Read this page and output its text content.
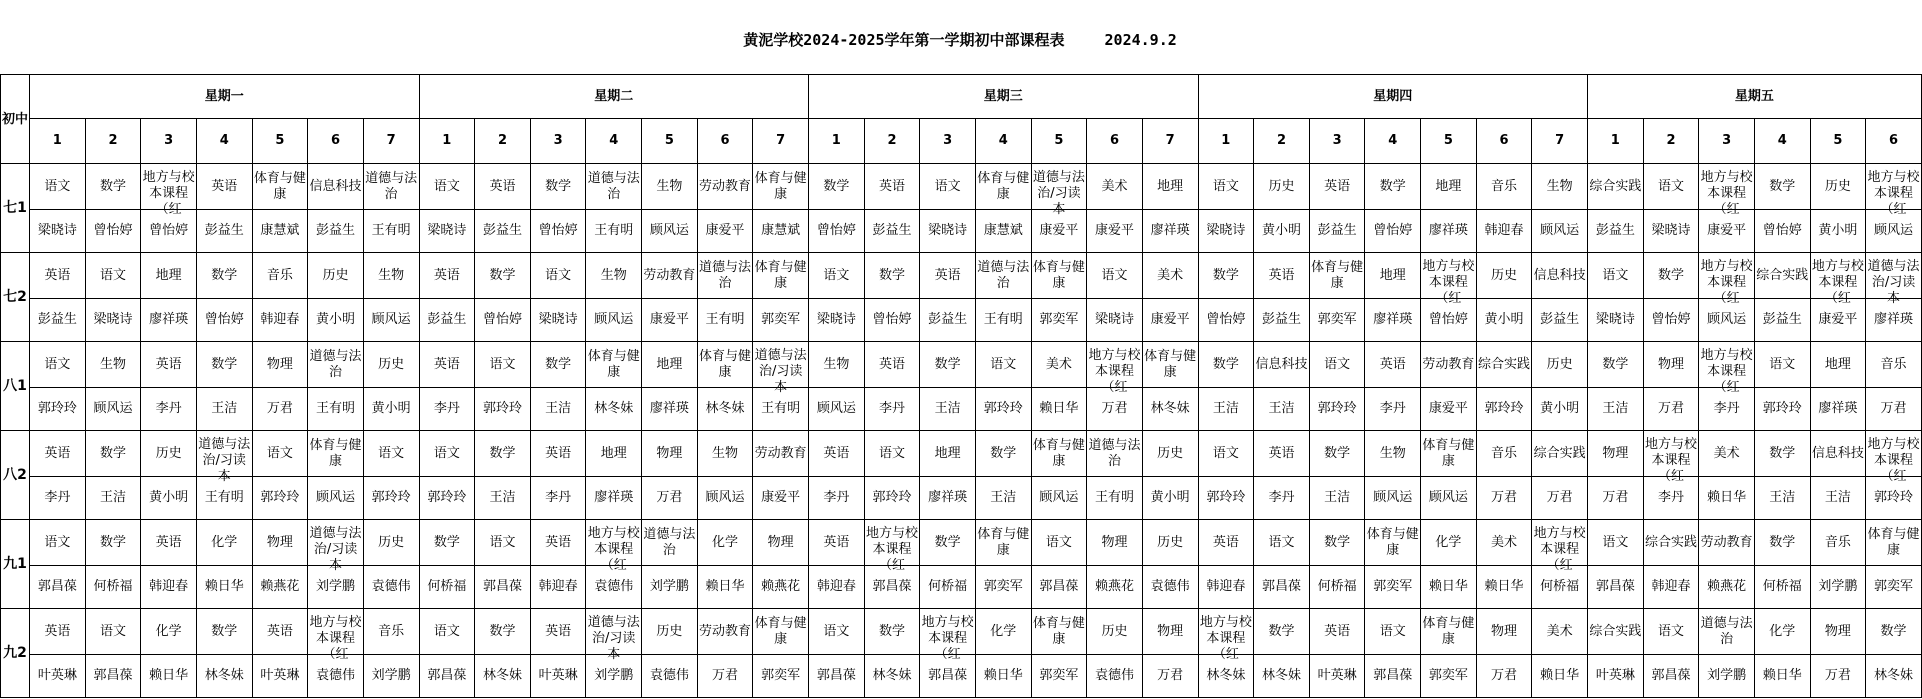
黄泥学校2024-2025学年第一学期初中部课程表	2024.9.2
初中	星期一							星期二							星期三							星期四							星期五					
	1	2	3	4	5	6	7	1	2	3	4	5	6	7	1	2	3	4	5	6	7	1	2	3	4	5	6	7	1	2	3	4	5	6
七1	语文	数学	地方与校本课程（红	英语	体育与健康	信息科技	道德与法治	语文	英语	数学	道德与法治	生物	劳动教育	体育与健康	数学	英语	语文	体育与健康	道德与法治/习读本	美术	地理	语文	历史	英语	数学	地理	音乐	生物	综合实践	语文	地方与校本课程（红	数学	历史	地方与校本课程（红

	梁晓诗	曾怡婷	曾怡婷	彭益生	康慧斌	彭益生	王有明	梁晓诗	彭益生	曾怡婷	王有明	顾风运	康爱平	康慧斌	曾怡婷	彭益生	梁晓诗	康慧斌	康爱平	康爱平	廖祥瑛	梁晓诗	黄小明	彭益生	曾怡婷	廖祥瑛	韩迎春	顾风运	彭益生	梁晓诗	康爱平	曾怡婷	黄小明	顾风运

七2	英语	语文	地理	数学	音乐	历史	生物	英语	数学	语文	生物	劳动教育	道德与法治	体育与健康	语文	数学	英语	道德与法治	体育与健康	语文	美术	数学	英语	体育与健康	地理	地方与校本课程（红	历史	信息科技	语文	数学	地方与校本课程（红	综合实践	地方与校本课程（红	道德与法治/习读本

	彭益生	梁晓诗	廖祥瑛	曾怡婷	韩迎春	黄小明	顾风运	彭益生	曾怡婷	梁晓诗	顾风运	康爱平	王有明	郭奕军	梁晓诗	曾怡婷	彭益生	王有明	郭奕军	梁晓诗	康爱平	曾怡婷	彭益生	郭奕军	廖祥瑛	曾怡婷	黄小明	彭益生	梁晓诗	曾怡婷	顾风运	彭益生	康爱平	廖祥瑛

八1	语文	生物	英语	数学	物理	道德与法治	历史	英语	语文	数学	体育与健康	地理	体育与健康	道德与法治/习读本	生物	英语	数学	语文	美术	地方与校本课程（红	体育与健康	数学	信息科技	语文	英语	劳动教育	综合实践	历史	数学	物理	地方与校本课程（红	语文	地理	音乐

	郭玲玲	顾风运	李丹	王洁	万君	王有明	黄小明	李丹	郭玲玲	王洁	林冬妹	廖祥瑛	林冬妹	王有明	顾风运	李丹	王洁	郭玲玲	赖日华	万君	林冬妹	王洁	王洁	郭玲玲	李丹	康爱平	郭玲玲	黄小明	王洁	万君	李丹	郭玲玲	廖祥瑛	万君

八2	英语	数学	历史	道德与法治/习读本	语文	体育与健康	语文	语文	数学	英语	地理	物理	生物	劳动教育	英语	语文	地理	数学	体育与健康	道德与法治	历史	语文	英语	数学	生物	体育与健康	音乐	综合实践	物理	地方与校本课程（红	美术	数学	信息科技	地方与校本课程（红

	李丹	王洁	黄小明	王有明	郭玲玲	顾风运	郭玲玲	郭玲玲	王洁	李丹	廖祥瑛	万君	顾风运	康爱平	李丹	郭玲玲	廖祥瑛	王洁	顾风运	王有明	黄小明	郭玲玲	李丹	王洁	顾风运	顾风运	万君	万君	万君	李丹	赖日华	王洁	王洁	郭玲玲

九1	语文	数学	英语	化学	物理	道德与法治/习读本	历史	数学	语文	英语	地方与校本课程（红	道德与法治	化学	物理	英语	地方与校本课程（红	数学	体育与健康	语文	物理	历史	英语	语文	数学	体育与健康	化学	美术	地方与校本课程（红	语文	综合实践	劳动教育	数学	音乐	体育与健康

	郭昌葆	何桥福	韩迎春	赖日华	赖燕花	刘学鹏	袁德伟	何桥福	郭昌葆	韩迎春	袁德伟	刘学鹏	赖日华	赖燕花	韩迎春	郭昌葆	何桥福	郭奕军	郭昌葆	赖燕花	袁德伟	韩迎春	郭昌葆	何桥福	郭奕军	赖日华	赖日华	何桥福	郭昌葆	韩迎春	赖燕花	何桥福	刘学鹏	郭奕军

九2	英语	语文	化学	数学	英语	地方与校本课程（红	音乐	语文	数学	英语	道德与法治/习读本	历史	劳动教育	体育与健康	语文	数学	地方与校本课程（红	化学	体育与健康	历史	物理	地方与校本课程（红	数学	英语	语文	体育与健康	物理	美术	综合实践	语文	道德与法治	化学	物理	数学

	叶英琳	郭昌葆	赖日华	林冬妹	叶英琳	袁德伟	刘学鹏	郭昌葆	林冬妹	叶英琳	刘学鹏	袁德伟	万君	郭奕军	郭昌葆	林冬妹	郭昌葆	赖日华	郭奕军	袁德伟	万君	林冬妹	林冬妹	叶英琳	郭昌葆	郭奕军	万君	赖日华	叶英琳	郭昌葆	刘学鹏	赖日华	万君	林冬妹
